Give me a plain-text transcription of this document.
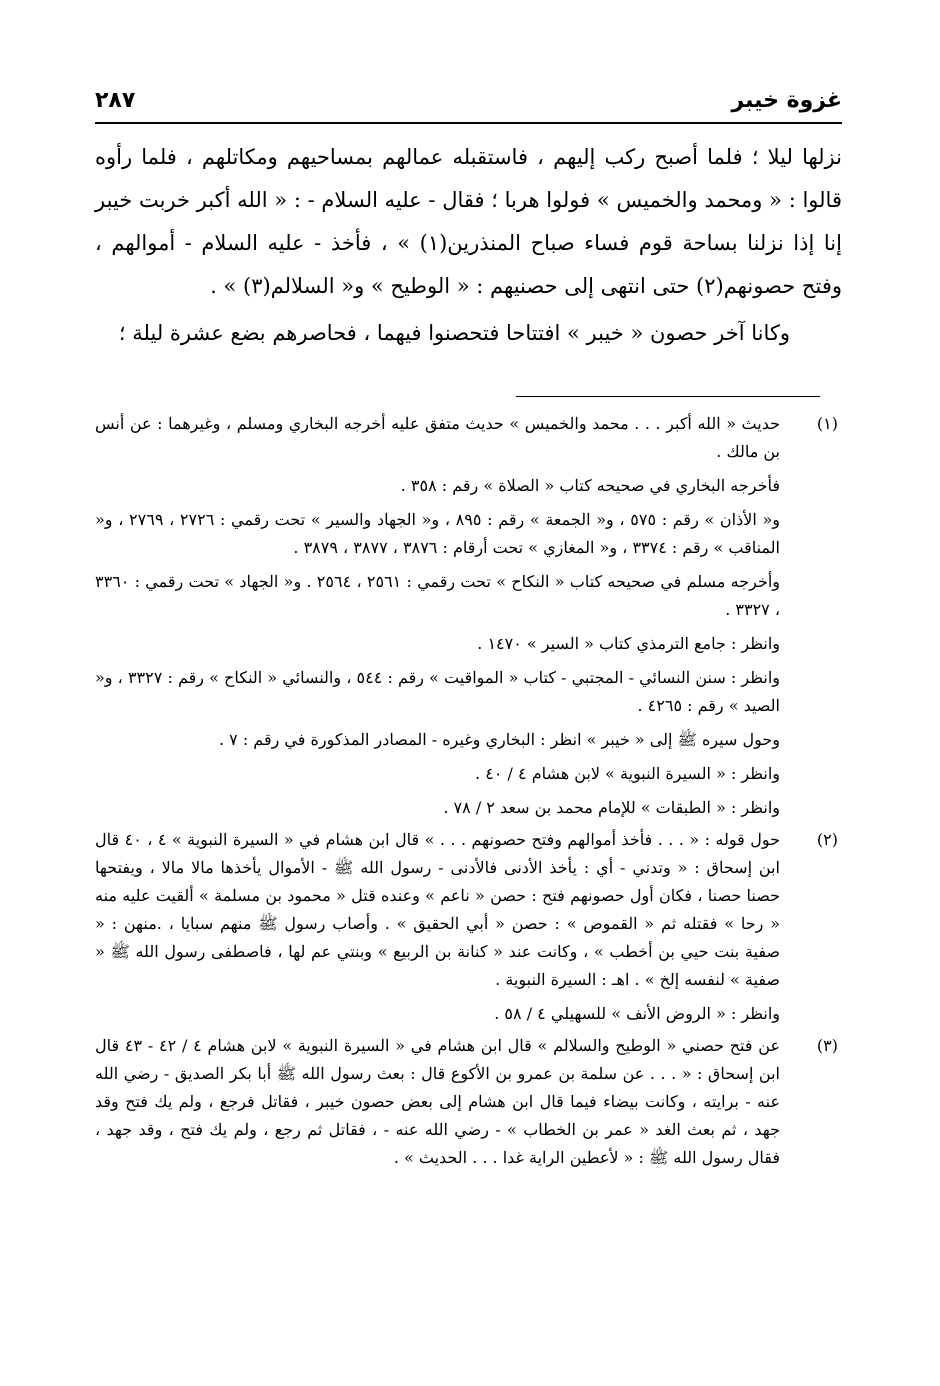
غزوة خيبر
٢٨٧

نزلها ليلا ؛ فلما أصبح ركب إليهم ، فاستقبله عمالهم بمساحيهم ومكاتلهم ، فلما رأوه قالوا : « ومحمد والخميس » فولوا هربا ؛ فقال - عليه السلام - : « الله أكبر خربت خيبر إنا إذا نزلنا بساحة قوم فساء صباح المنذرين(١) » ، فأخذ - عليه السلام - أموالهم ، وفتح حصونهم(٢) حتى انتهى إلى حصنيهم : « الوطيح » و« السلالم(٣) » .

وكانا آخر حصون « خيبر » افتتاحا فتحصنوا فيهما ، فحاصرهم بضع عشرة ليلة ؛

(١)

حديث « الله أكبر . . . محمد والخميس » حديث متفق عليه أخرجه البخاري ومسلم ، وغيرهما : عن أنس بن مالك .

فأخرجه البخاري في صحيحه كتاب « الصلاة » رقم : ٣٥٨ .

و« الأذان » رقم : ٥٧٥ ، و« الجمعة » رقم : ٨٩٥ ، و« الجهاد والسير » تحت رقمي : ٢٧٢٦ ، ٢٧٦٩ ، و« المناقب » رقم : ٣٣٧٤ ، و« المغازي » تحت أرقام : ٣٨٧٦ ، ٣٨٧٧ ، ٣٨٧٩ .

وأخرجه مسلم في صحيحه كتاب « النكاح » تحت رقمي : ٢٥٦١ ، ٢٥٦٤ . و« الجهاد » تحت رقمي : ٣٣٦٠ ، ٣٣٢٧ .

وانظر : جامع الترمذي كتاب « السير » ١٤٧٠ .

وانظر : سنن النسائي - المجتبي - كتاب « المواقيت » رقم : ٥٤٤ ، والنسائي « النكاح » رقم : ٣٣٢٧ ، و« الصيد » رقم : ٤٢٦٥ .

وحول سيره ﷺ إلى « خيبر » انظر : البخاري وغيره - المصادر المذكورة في رقم : ٧ .

وانظر : « السيرة النبوية » لابن هشام ٤ / ٤٠ .

وانظر : « الطبقات » للإمام محمد بن سعد ٢ / ٧٨ .

(٢)

حول قوله : « . . . فأخذ أموالهم وفتح حصونهم . . . » قال ابن هشام في « السيرة النبوية » ٤ ، ٤٠ قال ابن إسحاق : « وتدني - أي : يأخذ الأدنى فالأدنى - رسول الله ﷺ - الأموال يأخذها مالا مالا ، ويفتحها حصنا حصنا ، فكان أول حصونهم فتح : حصن « ناعم » وعنده قتل « محمود بن مسلمة » ألقيت عليه منه « رحا » فقتله ثم « القموص » : حصن « أبي الحقيق » . وأصاب رسول ﷺ منهم سبايا ، .منهن : « صفية بنت حيي بن أخطب » ، وكانت عند « كنانة بن الربيع » وبنتي عم لها ، فاصطفى رسول الله ﷺ « صفية » لنفسه إلخ » . اهـ : السيرة النبوية .

وانظر : « الروض الأنف » للسهيلي ٤ / ٥٨ .

(٣)

عن فتح حصني « الوطيح والسلالم » قال ابن هشام في « السيرة النبوية » لابن هشام ٤ / ٤٢ - ٤٣ قال ابن إسحاق : « . . . عن سلمة بن عمرو بن الأكوع قال : بعث رسول الله ﷺ أبا بكر الصديق - رضي الله عنه - برايته ، وكانت بيضاء فيما قال ابن هشام إلى بعض حصون خيبر ، فقاتل فرجع ، ولم يك فتح وقد جهد ، ثم بعث الغد « عمر بن الخطاب » - رضي الله عنه - ، فقاتل ثم رجع ، ولم يك فتح ، وقد جهد ، فقال رسول الله ﷺ : « لأعطين الراية غدا . . . الحديث » .
